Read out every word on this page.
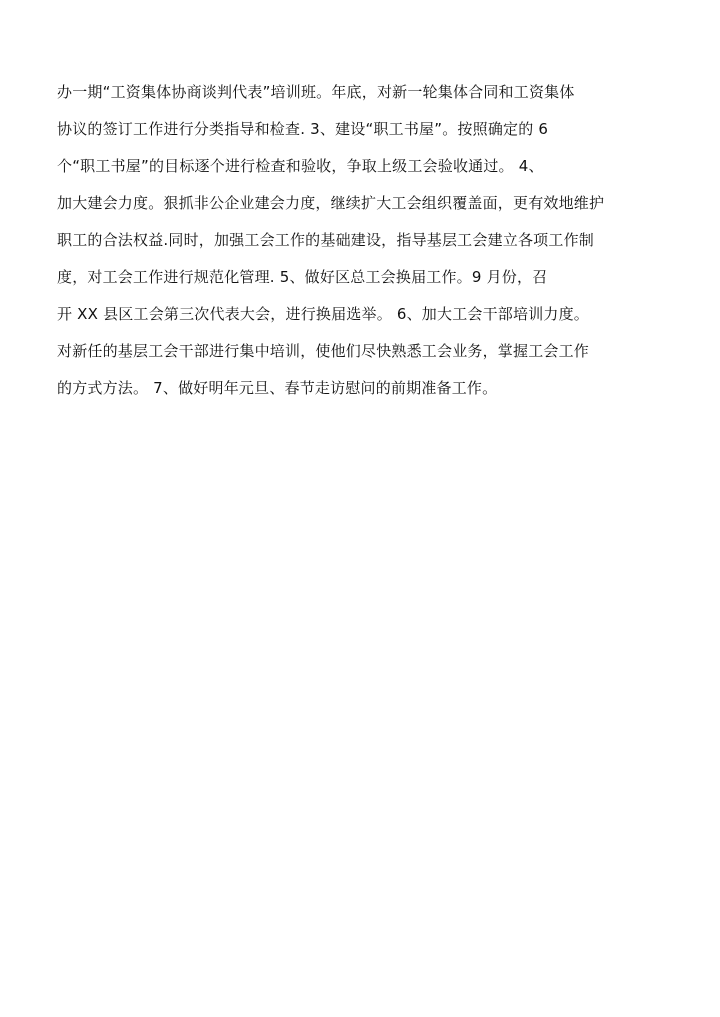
办一期“工资集体协商谈判代表”培训班。年底，对新一轮集体合同和工资集体
协议的签订工作进行分类指导和检查. 3、建设“职工书屋”。按照确定的 6
个“职工书屋”的目标逐个进行检查和验收，争取上级工会验收通过。 4、
加大建会力度。狠抓非公企业建会力度，继续扩大工会组织覆盖面，更有效地维护
职工的合法权益.同时，加强工会工作的基础建设，指导基层工会建立各项工作制
度，对工会工作进行规范化管理. 5、做好区总工会换届工作。9 月份，召
开 XX 县区工会第三次代表大会，进行换届选举。 6、加大工会干部培训力度。
对新任的基层工会干部进行集中培训，使他们尽快熟悉工会业务，掌握工会工作
的方式方法。 7、做好明年元旦、春节走访慰问的前期准备工作。
